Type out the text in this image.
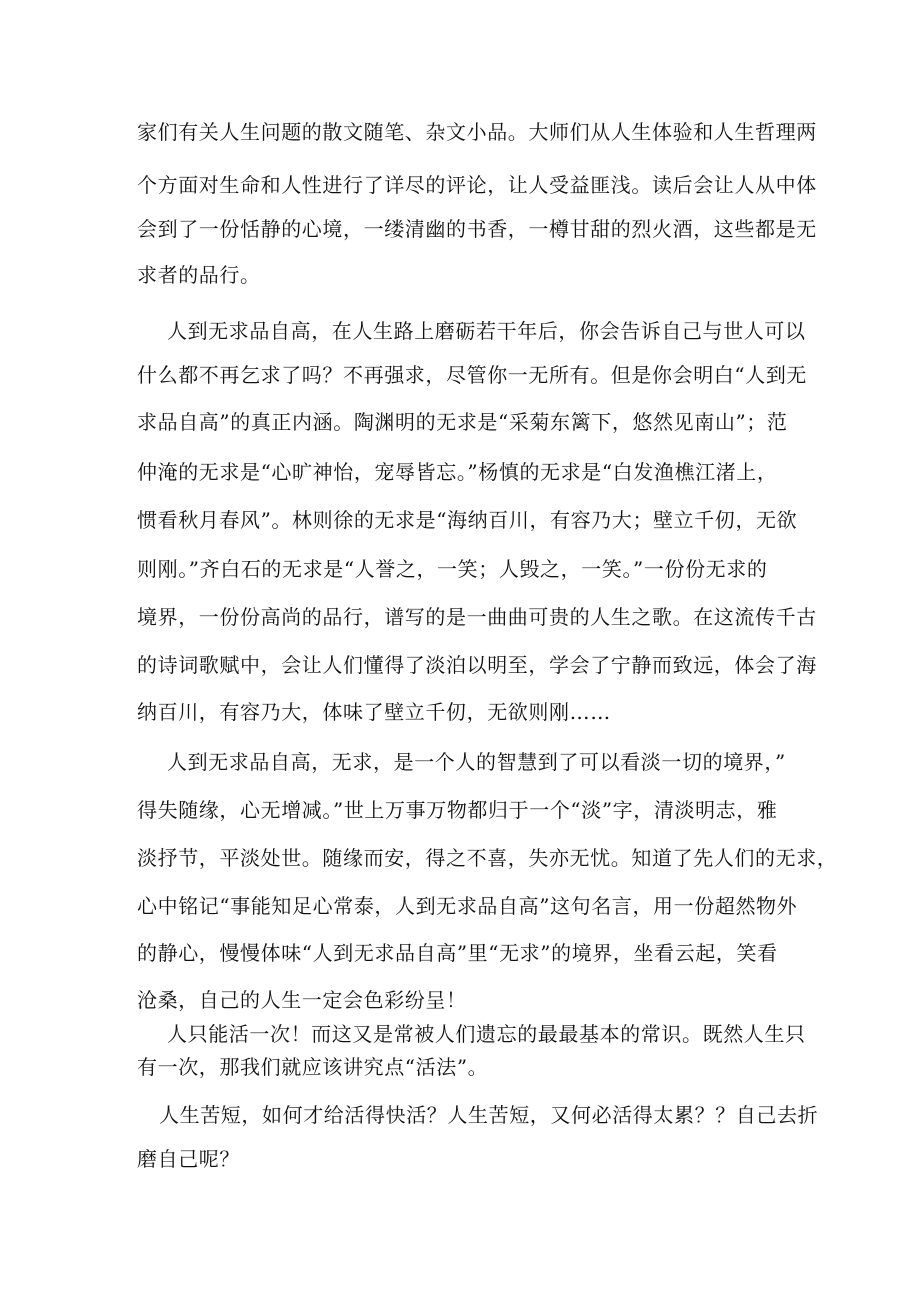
家们有关人生问题的散文随笔、杂文小品。大师们从人生体验和人生哲理两
个方面对生命和人性进行了详尽的评论，让人受益匪浅。读后会让人从中体
会到了一份恬静的心境，一缕清幽的书香，一樽甘甜的烈火酒，这些都是无
求者的品行。
人到无求品自高，在人生路上磨砺若干年后，你会告诉自己与世人可以
什么都不再乞求了吗？不再强求，尽管你一无所有。但是你会明白“人到无
求品自高”的真正内涵。陶渊明的无求是“采菊东篱下，悠然见南山”；范
仲淹的无求是“心旷神怡，宠辱皆忘。”杨慎的无求是“白发渔樵江渚上，
惯看秋月春风”。林则徐的无求是“海纳百川，有容乃大；壁立千仞，无欲
则刚。”齐白石的无求是“人誉之，一笑；人毁之，一笑。”一份份无求的
境界，一份份高尚的品行，谱写的是一曲曲可贵的人生之歌。在这流传千古
的诗词歌赋中，会让人们懂得了淡泊以明至，学会了宁静而致远，体会了海
纳百川，有容乃大，体味了壁立千仞，无欲则刚……
人到无求品自高，无求，是一个人的智慧到了可以看淡一切的境界，”
得失随缘，心无增减。”世上万事万物都归于一个“淡”字，清淡明志，雅
淡抒节，平淡处世。随缘而安，得之不喜，失亦无忧。知道了先人们的无求，
心中铭记“事能知足心常泰，人到无求品自高”这句名言，用一份超然物外
的静心，慢慢体味“人到无求品自高”里“无求”的境界，坐看云起，笑看
沧桑，自己的人生一定会色彩纷呈！
人只能活一次！而这又是常被人们遗忘的最最基本的常识。既然人生只
有一次，那我们就应该讲究点“活法”。
人生苦短，如何才给活得快活？人生苦短，又何必活得太累？？自己去折
磨自己呢？
